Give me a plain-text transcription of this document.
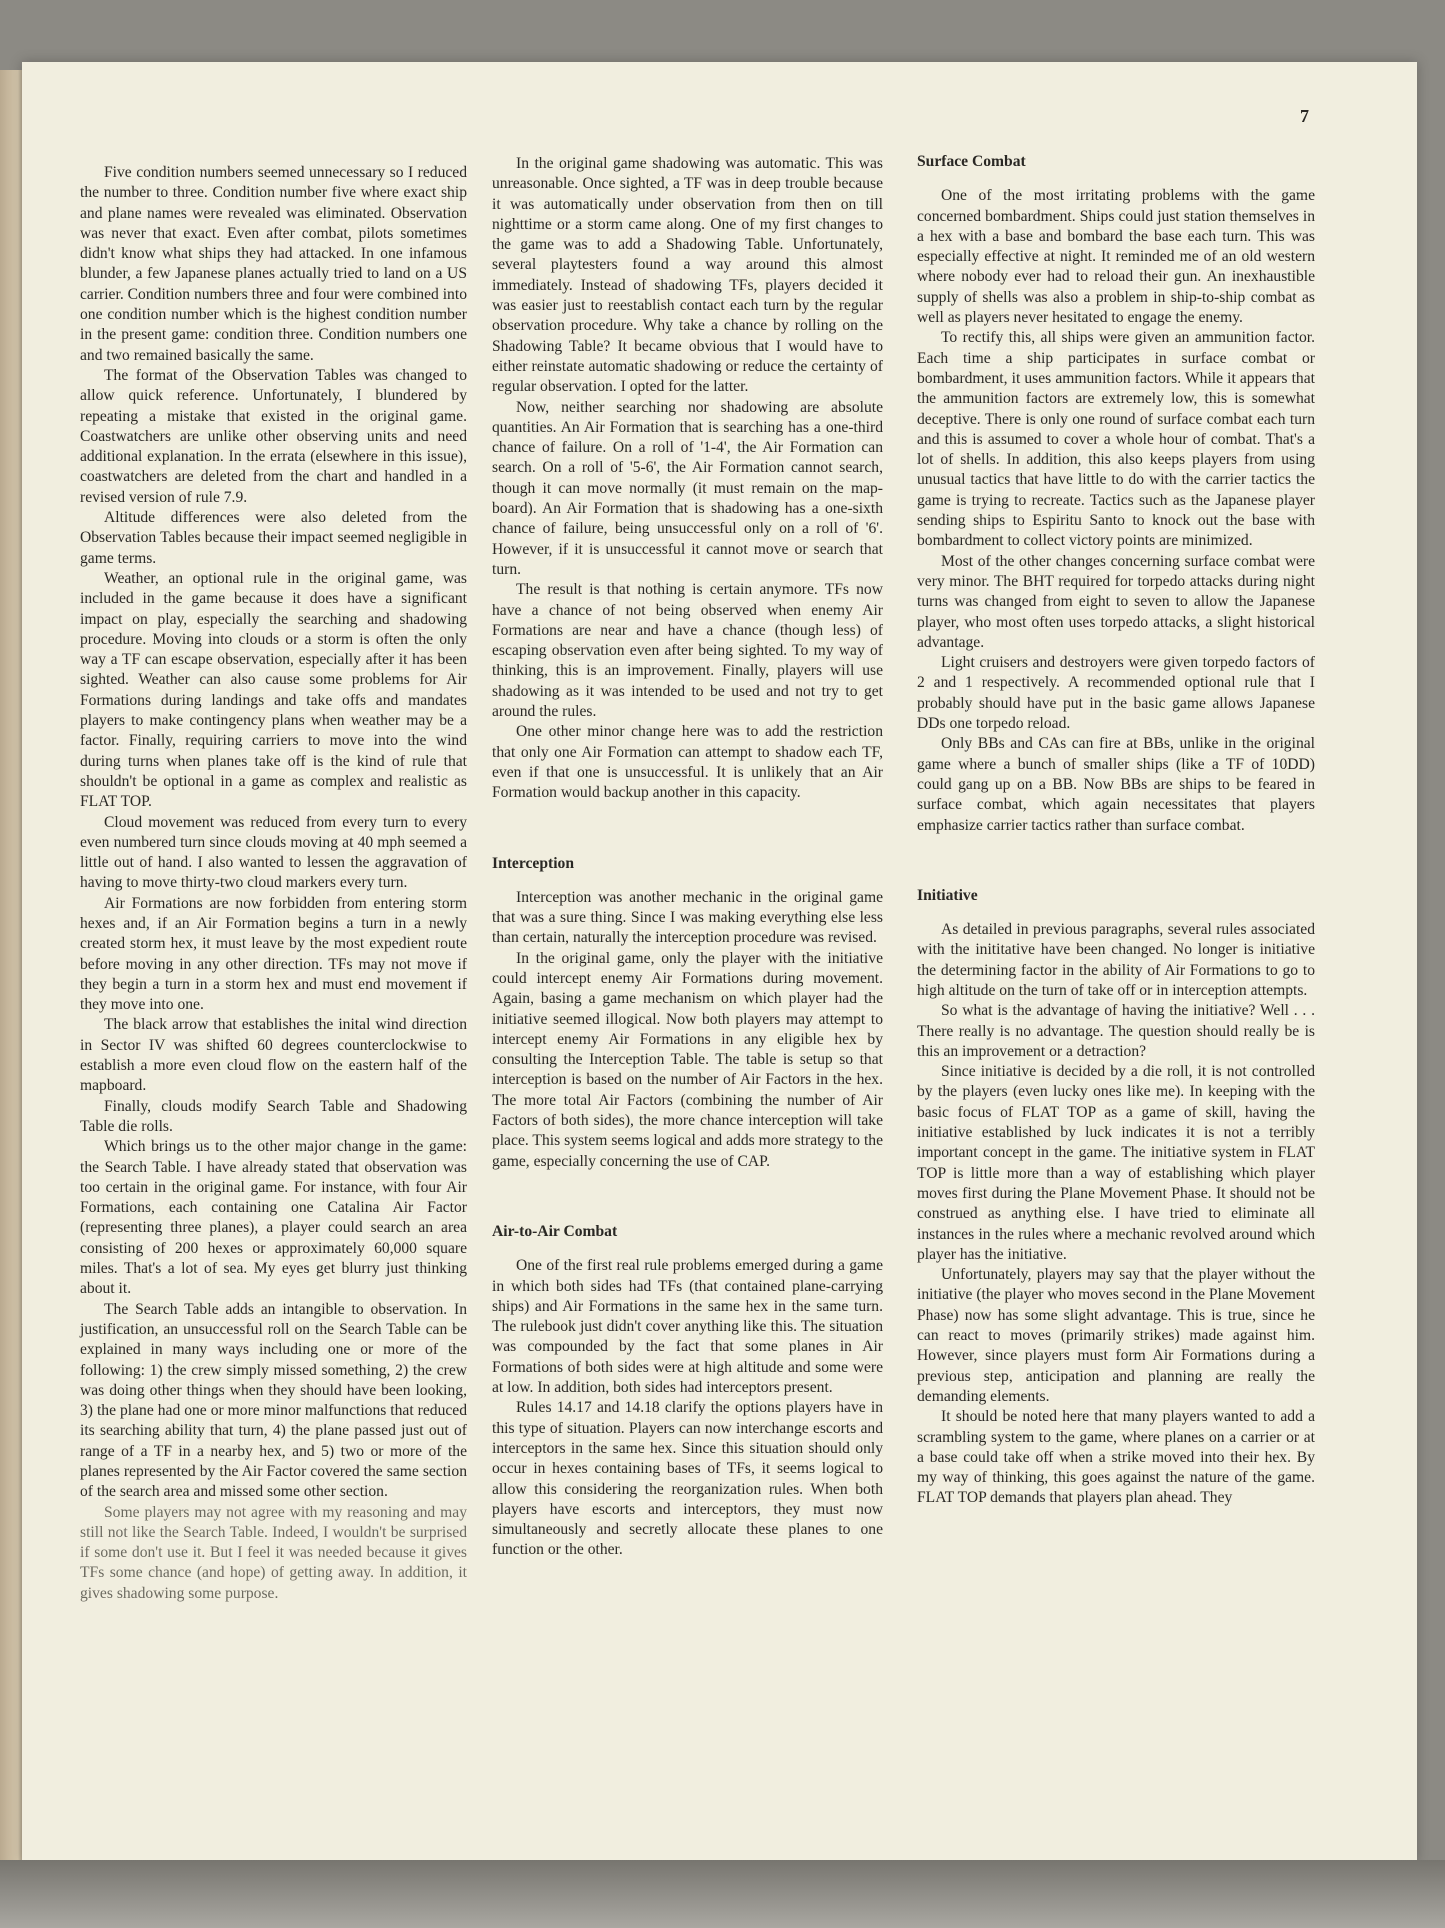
7

Five condition numbers seemed unnecessary so I reduced the number to three. Condition number five where exact ship and plane names were revealed was eliminated. Observation was never that exact. Even after combat, pilots sometimes didn't know what ships they had attacked. In one infamous blunder, a few Japanese planes actually tried to land on a US carrier. Condition numbers three and four were combined into one condition number which is the highest condition number in the present game: condition three. Condition numbers one and two remained basically the same.

The format of the Observation Tables was changed to allow quick reference. Unfortunately, I blundered by repeating a mistake that existed in the original game. Coastwatchers are unlike other observing units and need additional explanation. In the errata (elsewhere in this issue), coastwatchers are deleted from the chart and handled in a revised version of rule 7.9.

Altitude differences were also deleted from the Observation Tables because their impact seemed negligible in game terms.

Weather, an optional rule in the original game, was included in the game because it does have a significant impact on play, especially the searching and shadowing procedure. Moving into clouds or a storm is often the only way a TF can escape observation, especially after it has been sighted. Weather can also cause some problems for Air Formations during landings and take offs and mandates players to make contingency plans when weather may be a factor. Finally, requiring carriers to move into the wind during turns when planes take off is the kind of rule that shouldn't be optional in a game as complex and realistic as FLAT TOP.

Cloud movement was reduced from every turn to every even numbered turn since clouds moving at 40 mph seemed a little out of hand. I also wanted to lessen the aggravation of having to move thirty-two cloud markers every turn.

Air Formations are now forbidden from entering storm hexes and, if an Air Formation begins a turn in a newly created storm hex, it must leave by the most expedient route before moving in any other direction. TFs may not move if they begin a turn in a storm hex and must end movement if they move into one.

The black arrow that establishes the inital wind direction in Sector IV was shifted 60 degrees counterclockwise to establish a more even cloud flow on the eastern half of the mapboard.

Finally, clouds modify Search Table and Shadowing Table die rolls.

Which brings us to the other major change in the game: the Search Table. I have already stated that observation was too certain in the original game. For instance, with four Air Formations, each containing one Catalina Air Factor (representing three planes), a player could search an area consisting of 200 hexes or approximately 60,000 square miles. That's a lot of sea. My eyes get blurry just thinking about it.

The Search Table adds an intangible to observation. In justification, an unsuccessful roll on the Search Table can be explained in many ways including one or more of the following: 1) the crew simply missed something, 2) the crew was doing other things when they should have been looking, 3) the plane had one or more minor malfunctions that reduced its searching ability that turn, 4) the plane passed just out of range of a TF in a nearby hex, and 5) two or more of the planes represented by the Air Factor covered the same section of the search area and missed some other section.

Some players may not agree with my reasoning and may still not like the Search Table. Indeed, I wouldn't be surprised if some don't use it. But I feel it was needed because it gives TFs some chance (and hope) of getting away. In addition, it gives shadowing some purpose.

In the original game shadowing was automatic. This was unreasonable. Once sighted, a TF was in deep trouble because it was automatically under observation from then on till nighttime or a storm came along. One of my first changes to the game was to add a Shadowing Table. Unfortunately, several playtesters found a way around this almost immediately. Instead of shadowing TFs, players decided it was easier just to reestablish contact each turn by the regular observation procedure. Why take a chance by rolling on the Shadowing Table? It became obvious that I would have to either reinstate automatic shadowing or reduce the certainty of regular observation. I opted for the latter.

Now, neither searching nor shadowing are absolute quantities. An Air Formation that is searching has a one-third chance of failure. On a roll of '1-4', the Air Formation can search. On a roll of '5-6', the Air Formation cannot search, though it can move normally (it must remain on the map-board). An Air Formation that is shadowing has a one-sixth chance of failure, being unsuccessful only on a roll of '6'. However, if it is unsuccessful it cannot move or search that turn.

The result is that nothing is certain anymore. TFs now have a chance of not being observed when enemy Air Formations are near and have a chance (though less) of escaping observation even after being sighted. To my way of thinking, this is an improvement. Finally, players will use shadowing as it was intended to be used and not try to get around the rules.

One other minor change here was to add the restriction that only one Air Formation can attempt to shadow each TF, even if that one is unsuccessful. It is unlikely that an Air Formation would backup another in this capacity.

Interception

Interception was another mechanic in the original game that was a sure thing. Since I was making everything else less than certain, naturally the interception procedure was revised.

In the original game, only the player with the initiative could intercept enemy Air Formations during movement. Again, basing a game mechanism on which player had the initiative seemed illogical. Now both players may attempt to intercept enemy Air Formations in any eligible hex by consulting the Interception Table. The table is setup so that interception is based on the number of Air Factors in the hex. The more total Air Factors (combining the number of Air Factors of both sides), the more chance interception will take place. This system seems logical and adds more strategy to the game, especially concerning the use of CAP.

Air-to-Air Combat

One of the first real rule problems emerged during a game in which both sides had TFs (that contained plane-carrying ships) and Air Formations in the same hex in the same turn. The rulebook just didn't cover anything like this. The situation was compounded by the fact that some planes in Air Formations of both sides were at high altitude and some were at low. In addition, both sides had interceptors present.

Rules 14.17 and 14.18 clarify the options players have in this type of situation. Players can now interchange escorts and interceptors in the same hex. Since this situation should only occur in hexes containing bases of TFs, it seems logical to allow this considering the reorganization rules. When both players have escorts and interceptors, they must now simultaneously and secretly allocate these planes to one function or the other.

Surface Combat

One of the most irritating problems with the game concerned bombardment. Ships could just station themselves in a hex with a base and bombard the base each turn. This was especially effective at night. It reminded me of an old western where nobody ever had to reload their gun. An inexhaustible supply of shells was also a problem in ship-to-ship combat as well as players never hesitated to engage the enemy.

To rectify this, all ships were given an ammunition factor. Each time a ship participates in surface combat or bombardment, it uses ammunition factors. While it appears that the ammunition factors are extremely low, this is somewhat deceptive. There is only one round of surface combat each turn and this is assumed to cover a whole hour of combat. That's a lot of shells. In addition, this also keeps players from using unusual tactics that have little to do with the carrier tactics the game is trying to recreate. Tactics such as the Japanese player sending ships to Espiritu Santo to knock out the base with bombardment to collect victory points are minimized.

Most of the other changes concerning surface combat were very minor. The BHT required for torpedo attacks during night turns was changed from eight to seven to allow the Japanese player, who most often uses torpedo attacks, a slight historical advantage.

Light cruisers and destroyers were given torpedo factors of 2 and 1 respectively. A recommended optional rule that I probably should have put in the basic game allows Japanese DDs one torpedo reload.

Only BBs and CAs can fire at BBs, unlike in the original game where a bunch of smaller ships (like a TF of 10DD) could gang up on a BB. Now BBs are ships to be feared in surface combat, which again necessitates that players emphasize carrier tactics rather than surface combat.

Initiative

As detailed in previous paragraphs, several rules associated with the inititative have been changed. No longer is initiative the determining factor in the ability of Air Formations to go to high altitude on the turn of take off or in interception attempts.

So what is the advantage of having the initiative? Well . . . There really is no advantage. The question should really be is this an improvement or a detraction?

Since initiative is decided by a die roll, it is not controlled by the players (even lucky ones like me). In keeping with the basic focus of FLAT TOP as a game of skill, having the initiative established by luck indicates it is not a terribly important concept in the game. The initiative system in FLAT TOP is little more than a way of establishing which player moves first during the Plane Movement Phase. It should not be construed as anything else. I have tried to eliminate all instances in the rules where a mechanic revolved around which player has the initiative.

Unfortunately, players may say that the player without the initiative (the player who moves second in the Plane Movement Phase) now has some slight advantage. This is true, since he can react to moves (primarily strikes) made against him. However, since players must form Air Formations during a previous step, anticipation and planning are really the demanding elements.

It should be noted here that many players wanted to add a scrambling system to the game, where planes on a carrier or at a base could take off when a strike moved into their hex. By my way of thinking, this goes against the nature of the game. FLAT TOP demands that players plan ahead. They
